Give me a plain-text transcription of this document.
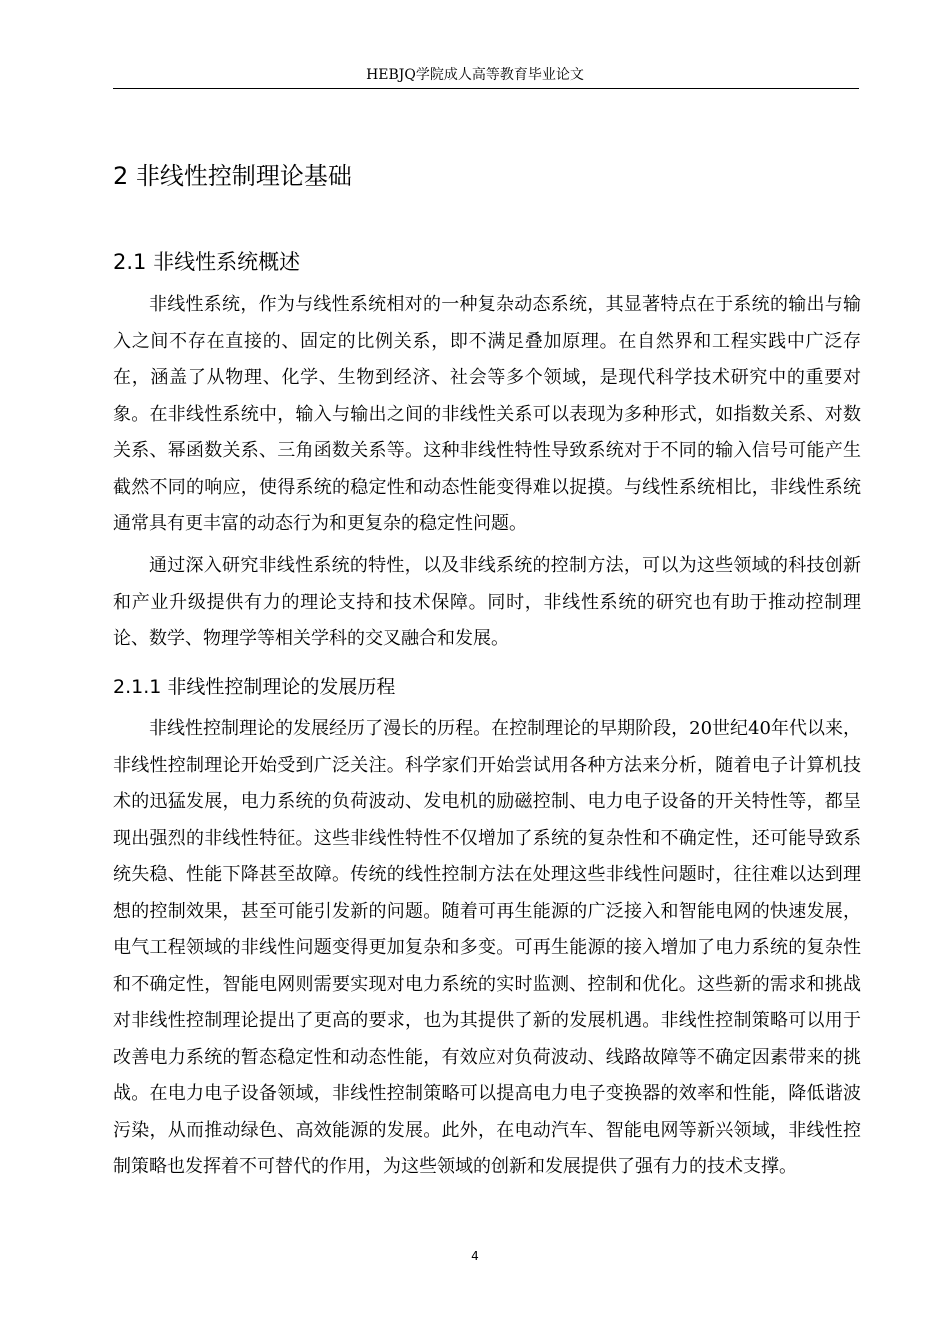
HEBJQ学院成人高等教育毕业论文
2 非线性控制理论基础
2.1 非线性系统概述

非线性系统，作为与线性系统相对的一种复杂动态系统，其显著特点在于系统的输出与输入之间不存在直接的、固定的比例关系，即不满足叠加原理。在自然界和工程实践中广泛存在，涵盖了从物理、化学、生物到经济、社会等多个领域，是现代科学技术研究中的重要对象。在非线性系统中，输入与输出之间的非线性关系可以表现为多种形式，如指数关系、对数关系、幂函数关系、三角函数关系等。这种非线性特性导致系统对于不同的输入信号可能产生截然不同的响应，使得系统的稳定性和动态性能变得难以捉摸。与线性系统相比，非线性系统通常具有更丰富的动态行为和更复杂的稳定性问题。

通过深入研究非线性系统的特性，以及非线系统的控制方法，可以为这些领域的科技创新和产业升级提供有力的理论支持和技术保障。同时，非线性系统的研究也有助于推动控制理论、数学、物理学等相关学科的交叉融合和发展。

2.1.1 非线性控制理论的发展历程

非线性控制理论的发展经历了漫长的历程。在控制理论的早期阶段，20世纪40年代以来，非线性控制理论开始受到广泛关注。科学家们开始尝试用各种方法来分析，随着电子计算机技术的迅猛发展，电力系统的负荷波动、发电机的励磁控制、电力电子设备的开关特性等，都呈现出强烈的非线性特征。这些非线性特性不仅增加了系统的复杂性和不确定性，还可能导致系统失稳、性能下降甚至故障。传统的线性控制方法在处理这些非线性问题时，往往难以达到理想的控制效果，甚至可能引发新的问题。随着可再生能源的广泛接入和智能电网的快速发展，电气工程领域的非线性问题变得更加复杂和多变。可再生能源的接入增加了电力系统的复杂性和不确定性，智能电网则需要实现对电力系统的实时监测、控制和优化。这些新的需求和挑战对非线性控制理论提出了更高的要求，也为其提供了新的发展机遇。非线性控制策略可以用于改善电力系统的暂态稳定性和动态性能，有效应对负荷波动、线路故障等不确定因素带来的挑战。在电力电子设备领域，非线性控制策略可以提高电力电子变换器的效率和性能，降低谐波污染，从而推动绿色、高效能源的发展。此外，在电动汽车、智能电网等新兴领域，非线性控制策略也发挥着不可替代的作用，为这些领域的创新和发展提供了强有力的技术支撑。

4
